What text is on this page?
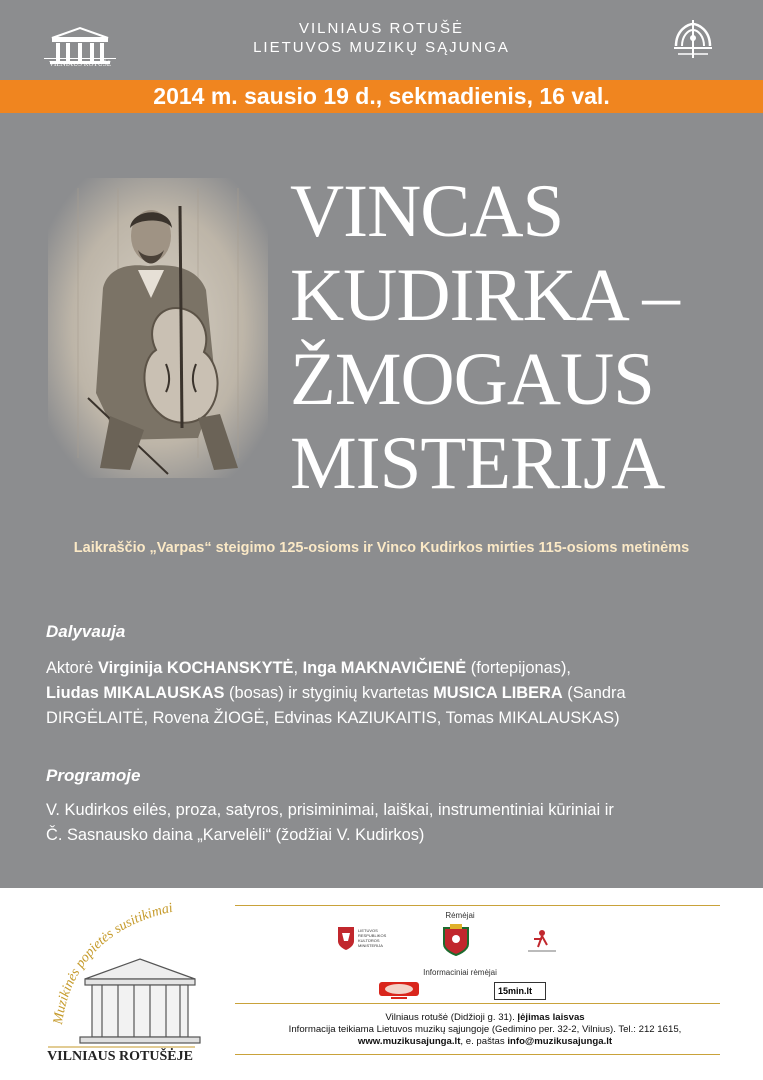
VILNIAUS ROTUŠĖ
VILNIAUS ROTUŠĖ
LIETUVOS MUZIKŲ SĄJUNGA
2014 m. sausio 19 d., sekmadienis, 16 val.
VINCAS
KUDIRKA –
ŽMOGAUS
MISTERIJA
Laikraščio „Varpas“ steigimo 125-osioms ir Vinco Kudirkos mirties 115-osioms metinėms
Dalyvauja
Aktorė Virginija KOCHANSKYTĖ, Inga MAKNAVIČIENĖ (fortepijonas),
Liudas MIKALAUSKAS (bosas) ir styginių kvartetas MUSICA LIBERA (Sandra
DIRGĖLAITĖ, Rovena ŽIOGĖ, Edvinas KAZIUKAITIS, Tomas MIKALAUSKAS)
Programoje
V. Kudirkos eilės, proza, satyros, prisiminimai, laiškai, instrumentiniai kūriniai ir
Č. Sasnausko daina „Karvelėli“ (žodžiai V. Kudirkos)
Muzikinės popietės susitikimai
VILNIAUS ROTUŠĖJE
Rėmėjai
LIETUVOS RESPUBLIKOS KULTŪROS MINISTERIJA
Informaciniai rėmėjai
15min.lt
Vilniaus rotušė (Didžioji g. 31). Įėjimas laisvas
Informacija teikiama Lietuvos muzikų sąjungoje (Gedimino per. 32-2, Vilnius). Tel.: 212 1615,
www.muzikusajunga.lt, e. paštas info@muzikusajunga.lt
